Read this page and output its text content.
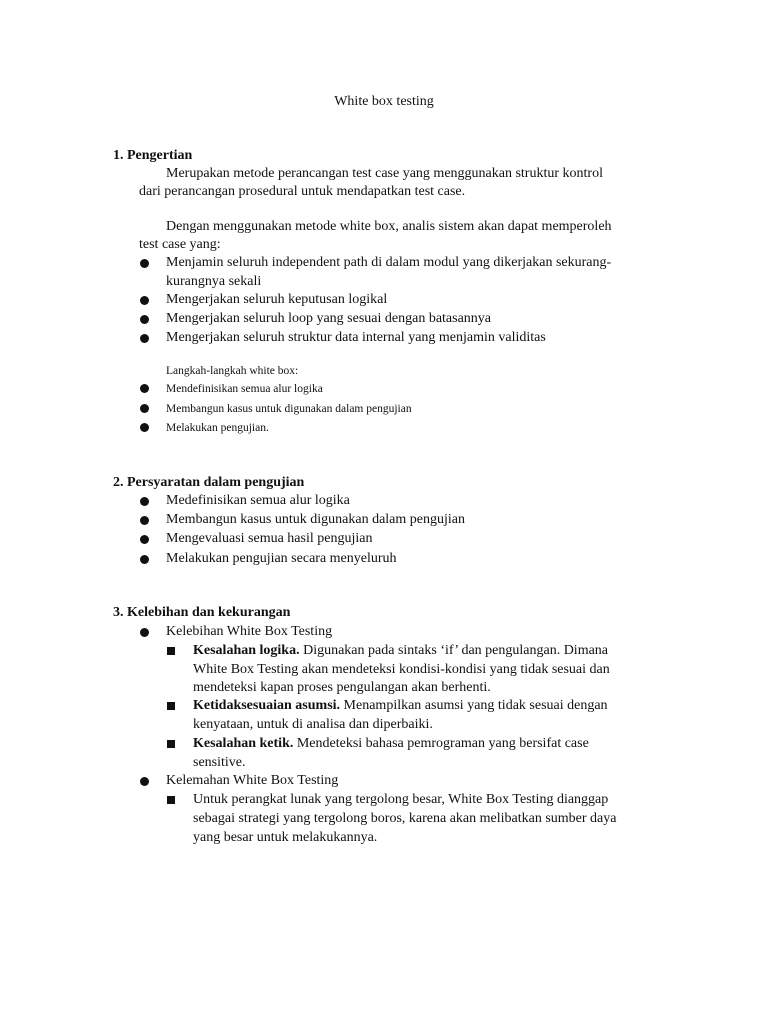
White box testing
1. Pengertian
Merupakan metode perancangan test case yang menggunakan struktur kontrol
dari perancangan prosedural untuk mendapatkan test case.
Dengan menggunakan metode white box, analis sistem akan dapat memperoleh
test case yang:
Menjamin seluruh independent path di dalam modul yang dikerjakan sekurang-
kurangnya sekali
Mengerjakan seluruh keputusan logikal
Mengerjakan seluruh loop yang sesuai dengan batasannya
Mengerjakan seluruh struktur data internal yang menjamin validitas
Langkah-langkah white box:
Mendefinisikan semua alur logika
Membangun kasus untuk digunakan dalam pengujian
Melakukan pengujian.
2. Persyaratan dalam pengujian
Medefinisikan semua alur logika
Membangun kasus untuk digunakan dalam pengujian
Mengevaluasi semua hasil pengujian
Melakukan pengujian secara menyeluruh
3. Kelebihan dan kekurangan
Kelebihan White Box Testing
Kesalahan logika. Digunakan pada sintaks ‘if’ dan pengulangan. Dimana
White Box Testing akan mendeteksi kondisi-kondisi yang tidak sesuai dan
mendeteksi kapan proses pengulangan akan berhenti.
Ketidaksesuaian asumsi. Menampilkan asumsi yang tidak sesuai dengan
kenyataan, untuk di analisa dan diperbaiki.
Kesalahan ketik. Mendeteksi bahasa pemrograman yang bersifat case
sensitive.
Kelemahan White Box Testing
Untuk perangkat lunak yang tergolong besar, White Box Testing dianggap
sebagai strategi yang tergolong boros, karena akan melibatkan sumber daya
yang besar untuk melakukannya.
